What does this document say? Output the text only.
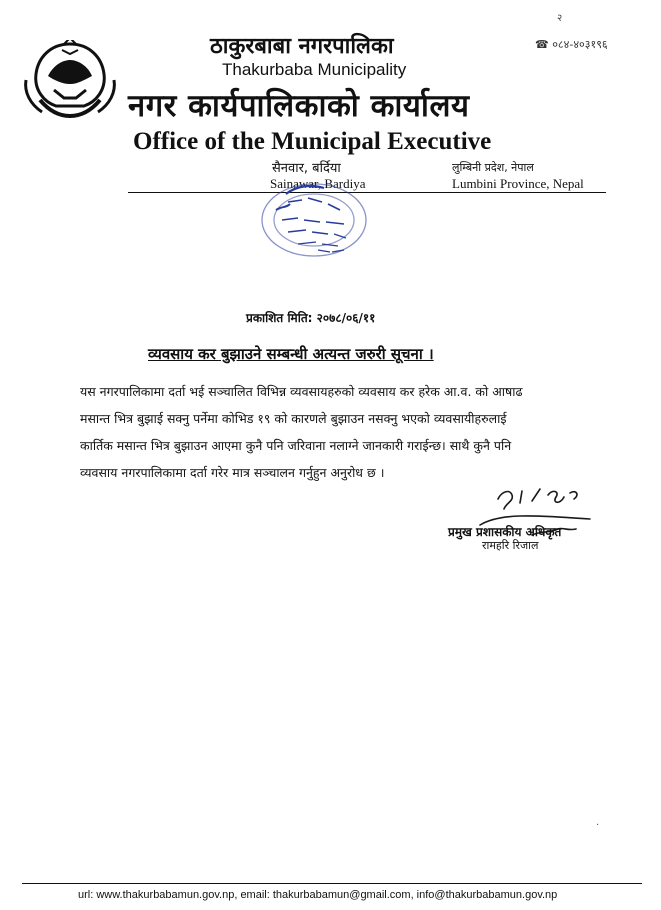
२
☎ ०८४-४०३१९६
ठाकुरबाबा नगरपालिका
Thakurbaba Municipality
नगर कार्यपालिकाको कार्यालय
Office of the Municipal Executive
सैनवार, बर्दिया
Sainawar, Bardiya
लुम्बिनी प्रदेश, नेपाल
Lumbini Province, Nepal
प्रकाशित मिति: २०७८/०६/११
व्यवसाय कर बुझाउने सम्बन्धी अत्यन्त जरुरी सूचना ।
यस नगरपालिकामा दर्ता भई सञ्चालित विभिन्न व्यवसायहरुको व्यवसाय कर हरेक आ.व. को आषाढ
मसान्त भित्र बुझाई सक्नु पर्नेमा कोभिड १९ को कारणले बुझाउन नसक्नु भएको व्यवसायीहरुलाई
कार्तिक मसान्त भित्र बुझाउन आएमा कुनै पनि जरिवाना नलाग्ने जानकारी गराईन्छ। साथै कुनै पनि
व्यवसाय नगरपालिकामा दर्ता गरेर मात्र सञ्चालन गर्नुहुन अनुरोध छ ।
प्रमुख प्रशासकीय अधिकृत
रामहरि रिजाल
·
url: www.thakurbabamun.gov.np, email: thakurbabamun@gmail.com, info@thakurbabamun.gov.np
